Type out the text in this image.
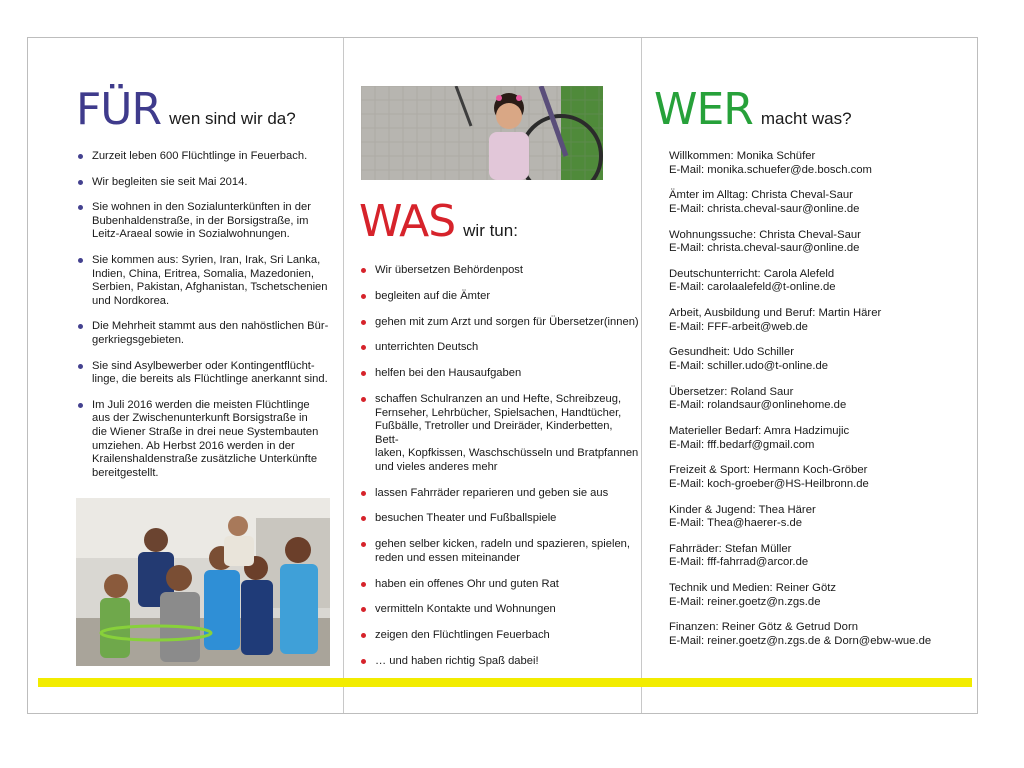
FÜR wen sind wir da?
Zurzeit leben 600 Flüchtlinge in Feuerbach.
Wir begleiten sie seit Mai 2014.
Sie wohnen in den Sozialunterkünften in der
Bubenhaldenstraße, in der Borsigstraße, im
Leitz-Araeal sowie in Sozialwohnungen.
Sie kommen aus: Syrien, Iran, Irak, Sri Lanka,
Indien, China, Eritrea, Somalia, Mazedonien,
Serbien, Pakistan, Afghanistan, Tschetschenien
und Nordkorea.
Die Mehrheit stammt aus den nahöstlichen Bür-
gerkriegsgebieten.
Sie sind Asylbewerber oder Kontingentflücht-
linge, die bereits als Flüchtlinge anerkannt sind.
Im Juli 2016 werden die meisten Flüchtlinge
aus der Zwischenunterkunft Borsigstraße in
die Wiener Straße in drei neue Systembauten
umziehen. Ab Herbst 2016 werden in der
Krailenshaldenstraße zusätzliche Unterkünfte
bereitgestellt.
WAS wir tun:
Wir übersetzen Behördenpost
begleiten auf die Ämter
gehen mit zum Arzt und sorgen für Übersetzer(innen)
unterrichten Deutsch
helfen bei den Hausaufgaben
schaffen Schulranzen an und Hefte, Schreibzeug,
Fernseher, Lehrbücher, Spielsachen, Handtücher,
Fußbälle, Tretroller und Dreiräder, Kinderbetten, Bett-
laken, Kopfkissen, Waschschüsseln und Bratpfannen
und vieles anderes mehr
lassen Fahrräder reparieren und geben sie aus
besuchen Theater und Fußballspiele
gehen selber kicken, radeln und spazieren, spielen,
reden und essen miteinander
haben ein offenes Ohr und guten Rat
vermitteln Kontakte und Wohnungen
zeigen den Flüchtlingen Feuerbach
… und haben richtig Spaß dabei!
WER macht was?
Willkommen: Monika Schüfer
E-Mail: monika.schuefer@de.bosch.com
Ämter im Alltag: Christa Cheval-Saur
E-Mail: christa.cheval-saur@online.de
Wohnungssuche: Christa Cheval-Saur
E-Mail: christa.cheval-saur@online.de
Deutschunterricht: Carola Alefeld
E-Mail: carolaalefeld@t-online.de
Arbeit, Ausbildung und Beruf: Martin Härer
E-Mail: FFF-arbeit@web.de
Gesundheit: Udo Schiller
E-Mail: schiller.udo@t-online.de
Übersetzer: Roland Saur
E-Mail: rolandsaur@onlinehome.de
Materieller Bedarf: Amra Hadzimujic
E-Mail: fff.bedarf@gmail.com
Freizeit & Sport: Hermann Koch-Gröber
E-Mail: koch-groeber@HS-Heilbronn.de
Kinder & Jugend: Thea Härer
E-Mail: Thea@haerer-s.de
Fahrräder: Stefan Müller
E-Mail: fff-fahrrad@arcor.de
Technik und Medien: Reiner Götz
E-Mail: reiner.goetz@n.zgs.de
Finanzen: Reiner Götz & Getrud Dorn
E-Mail: reiner.goetz@n.zgs.de & Dorn@ebw-wue.de
